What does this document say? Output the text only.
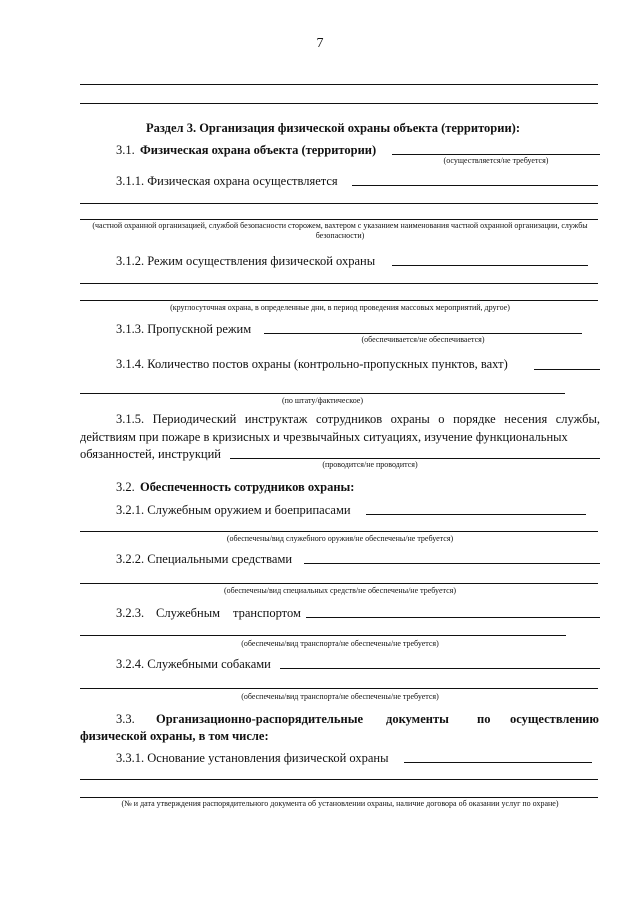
7
Раздел 3. Организация физической охраны объекта (территории):
3.1. Физическая охрана объекта (территории)
(осуществляется/не требуется)
3.1.1. Физическая охрана осуществляется
(частной охранной организацией, службой безопасности сторожем, вахтером с указанием наименования частной охранной организации, службы безопасности)
3.1.2. Режим осуществления физической охраны
(круглосуточная охрана, в определенные дни, в период проведения массовых мероприятий, другое)
3.1.3. Пропускной режим
(обеспечивается/не обеспечивается)
3.1.4. Количество постов охраны (контрольно-пропускных пунктов, вахт)
(по штату/фактическое)
3.1.5. Периодический инструктаж сотрудников охраны о порядке несения службы, действиям при пожаре в кризисных и чрезвычайных ситуациях, изучение функциональных
обязанностей, инструкций
(проводится/не проводится)
3.2. Обеспеченность сотрудников охраны:
3.2.1. Служебным оружием и боеприпасами
(обеспечены/вид служебного оружия/не обеспечены/не требуется)
3.2.2. Специальными средствами
(обеспечены/вид специальных средств/не обеспечены/не требуется)
3.2.3. Служебным транспортом
(обеспечены/вид транспорта/не обеспечены/не требуется)
3.2.4. Служебными собаками
(обеспечены/вид транспорта/не обеспечены/не требуется)
3.3. Организационно-распорядительные документы по осуществлению
физической охраны, в том числе:
3.3.1. Основание установления физической охраны
(№ и дата утверждения распорядительного документа об установлении охраны, наличие договора об оказании услуг по охране)
